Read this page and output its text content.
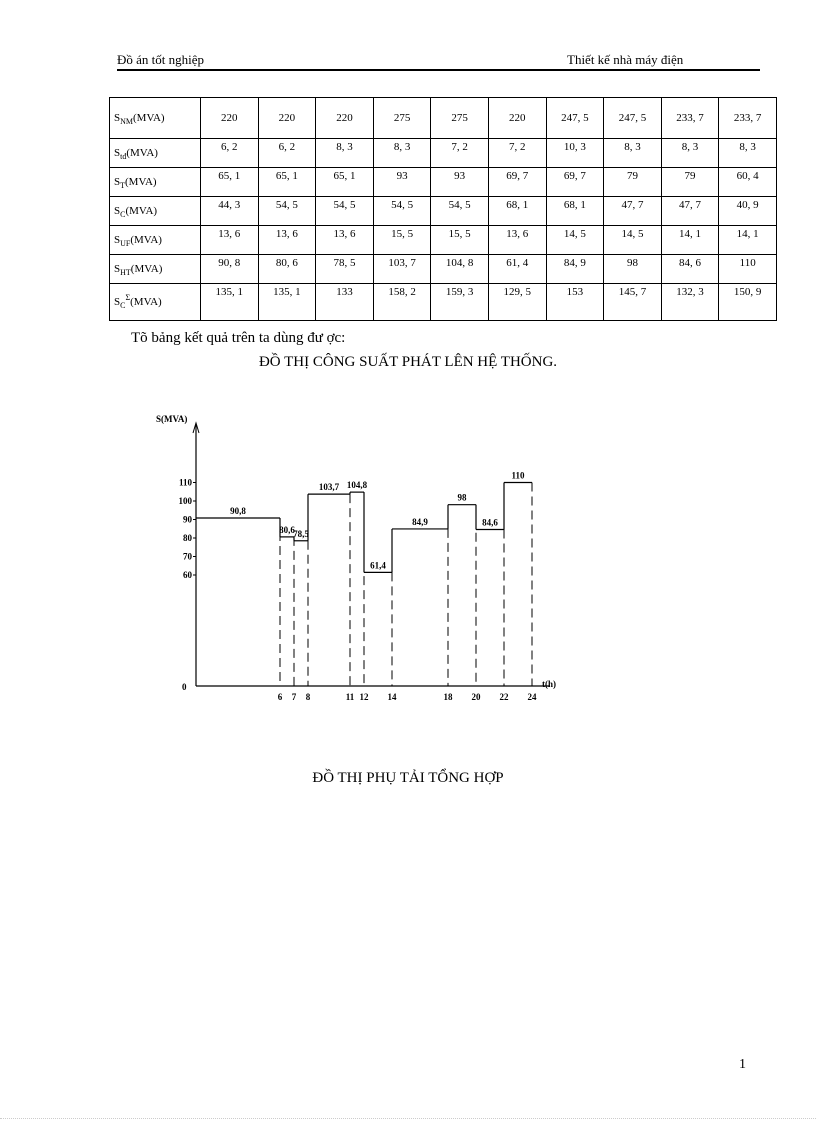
Đồ án tốt nghiệp	Thiết kế nhà máy điện
$S_{NM}(MVA)$	220	220	220	275	275	220	247, 5	247, 5	233, 7	233, 7
$S_{tđ}(MVA)$	6, 2	6, 2	8, 3	8, 3	7, 2	7, 2	10, 3	8, 3	8, 3	8, 3
$S_T(MVA)$	65, 1	65, 1	65, 1	93	93	69, 7	69, 7	79	79	60, 4
$S_C(MVA)$	44, 3	54, 5	54, 5	54, 5	54, 5	68, 1	68, 1	47, 7	47, 7	40, 9
$S_{UF}(MVA)$	13, 6	13, 6	13, 6	15, 5	15, 5	13, 6	14, 5	14, 5	14, 1	14, 1
$S_{HT}(MVA)$	90, 8	80, 6	78, 5	103, 7	104, 8	61, 4	84, 9	98	84, 6	110
$S_C^\Sigma(MVA)$	135, 1	135, 1	133	158, 2	159, 3	129, 5	153	145, 7	132, 3	150, 9
Tõ bảng kết quả trên ta dùng đư ợc:
ĐỒ THỊ CÔNG SUẤT PHÁT LÊN HỆ THỐNG.
S(MVA)
t(h)
0
60
70
80
90
100
110
6 7 8	11 12 14	18 20 22 24
90,8
80,6
78,5
103,7 104,8
61,4
84,9
98
84,6
110
ĐỒ THỊ PHỤ TẢI TỔNG HỢP
1
